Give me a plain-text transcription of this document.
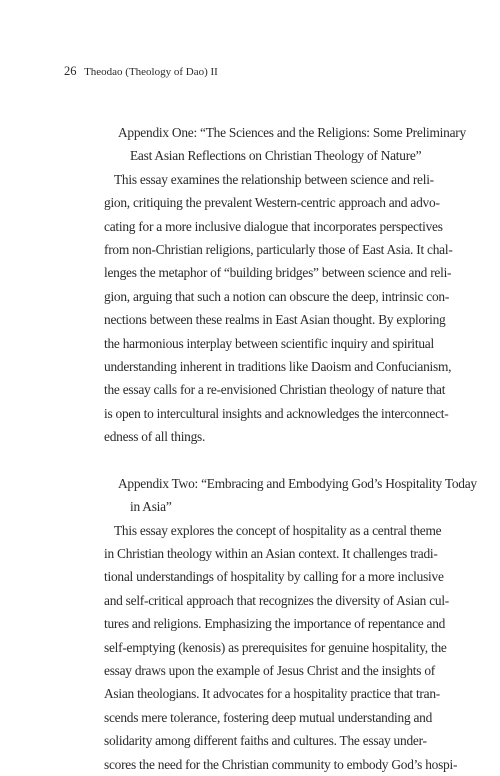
26 Theodao (Theology of Dao) II
Appendix One: “The Sciences and the Religions: Some Preliminary
East Asian Reflections on Christian Theology of Nature”
This essay examines the relationship between science and reli-
gion, critiquing the prevalent Western-centric approach and advo-
cating for a more inclusive dialogue that incorporates perspectives
from non-Christian religions, particularly those of East Asia. It chal-
lenges the metaphor of “building bridges” between science and reli-
gion, arguing that such a notion can obscure the deep, intrinsic con-
nections between these realms in East Asian thought. By exploring
the harmonious interplay between scientific inquiry and spiritual
understanding inherent in traditions like Daoism and Confucianism,
the essay calls for a re-envisioned Christian theology of nature that
is open to intercultural insights and acknowledges the interconnect-
edness of all things.
Appendix Two: “Embracing and Embodying God’s Hospitality Today
in Asia”
This essay explores the concept of hospitality as a central theme
in Christian theology within an Asian context. It challenges tradi-
tional understandings of hospitality by calling for a more inclusive
and self-critical approach that recognizes the diversity of Asian cul-
tures and religions. Emphasizing the importance of repentance and
self-emptying (kenosis) as prerequisites for genuine hospitality, the
essay draws upon the example of Jesus Christ and the insights of
Asian theologians. It advocates for a hospitality practice that tran-
scends mere tolerance, fostering deep mutual understanding and
solidarity among different faiths and cultures. The essay under-
scores the need for the Christian community to embody God’s hospi-
